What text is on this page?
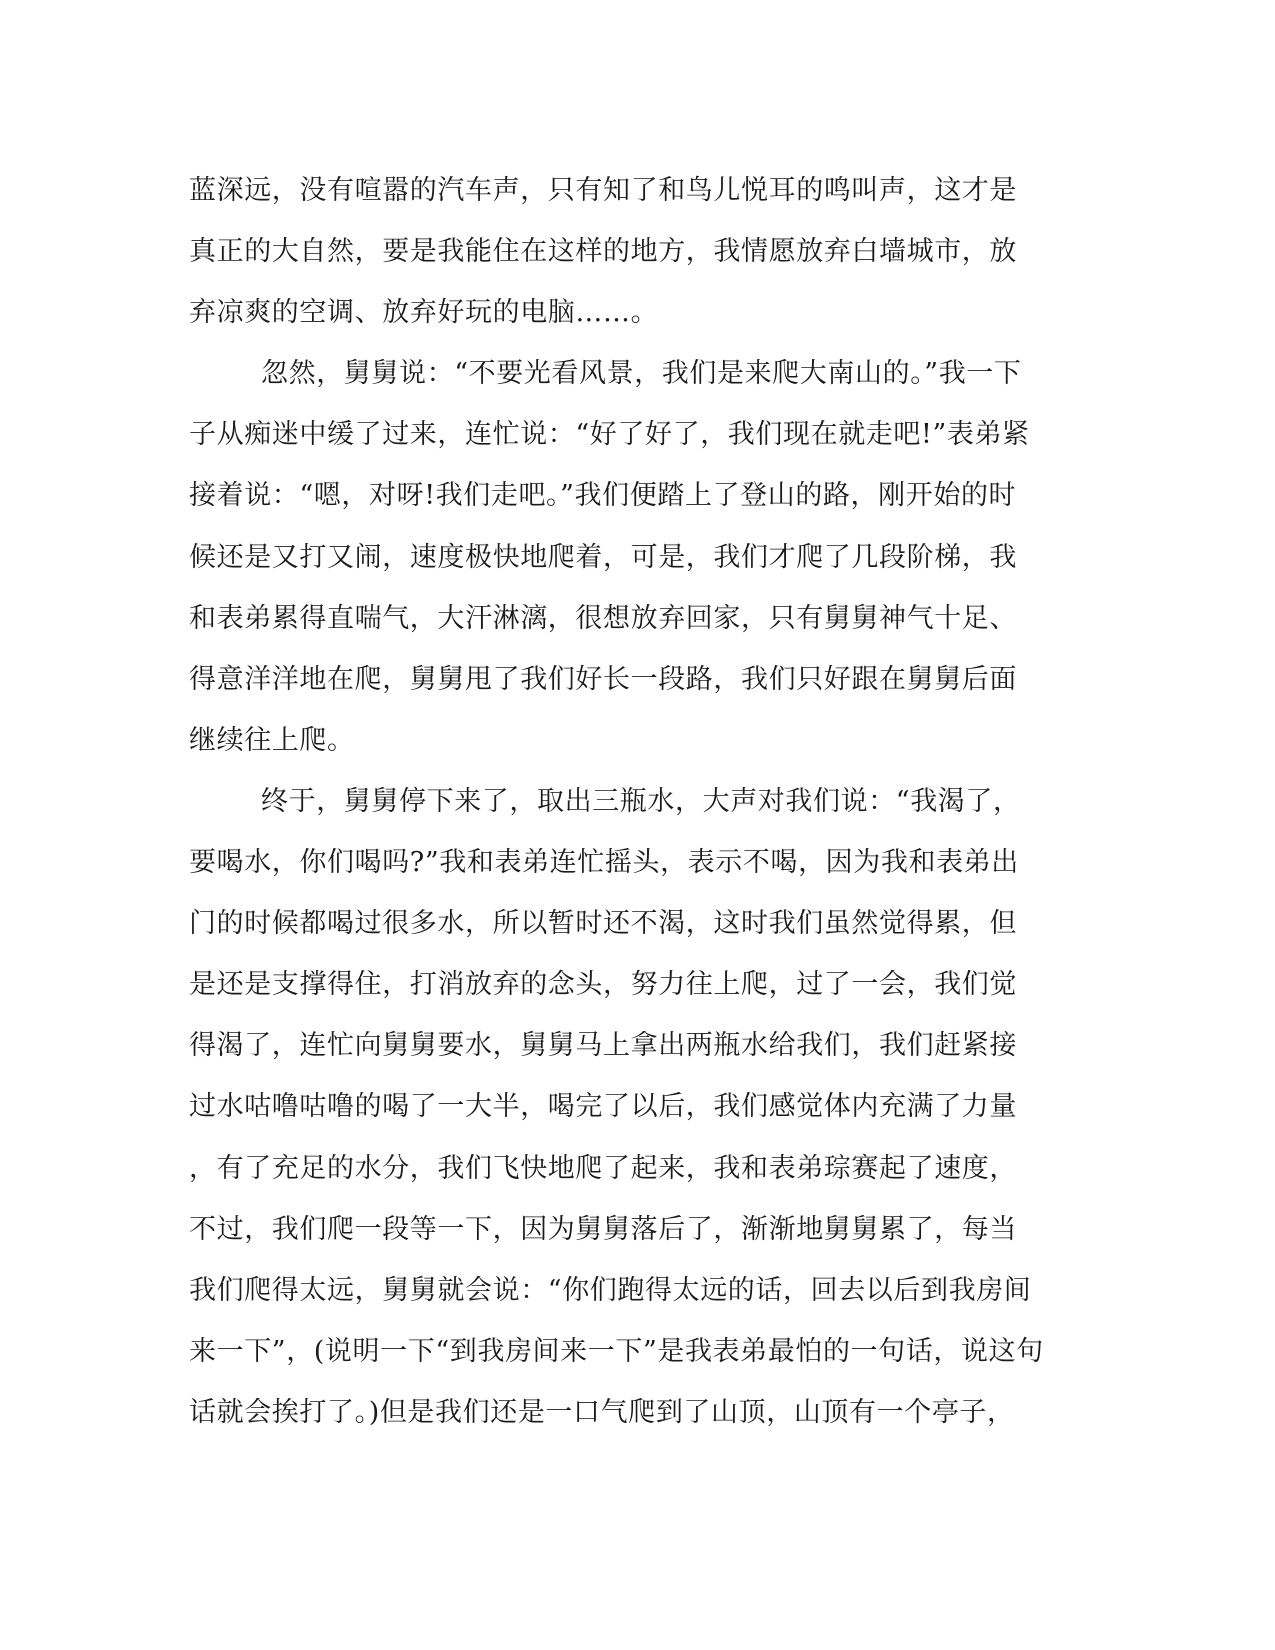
蓝深远，没有喧嚣的汽车声，只有知了和鸟儿悦耳的鸣叫声，这才是
真正的大自然，要是我能住在这样的地方，我情愿放弃白墙城市，放
弃凉爽的空调、放弃好玩的电脑……。
忽然，舅舅说：“不要光看风景，我们是来爬大南山的。”我一下
子从痴迷中缓了过来，连忙说：“好了好了，我们现在就走吧!”表弟紧
接着说：“嗯，对呀!我们走吧。”我们便踏上了登山的路，刚开始的时
候还是又打又闹，速度极快地爬着，可是，我们才爬了几段阶梯，我
和表弟累得直喘气，大汗淋漓，很想放弃回家，只有舅舅神气十足、
得意洋洋地在爬，舅舅甩了我们好长一段路，我们只好跟在舅舅后面
继续往上爬。
终于，舅舅停下来了，取出三瓶水，大声对我们说：“我渴了，
要喝水，你们喝吗?”我和表弟连忙摇头，表示不喝，因为我和表弟出
门的时候都喝过很多水，所以暂时还不渴，这时我们虽然觉得累，但
是还是支撑得住，打消放弃的念头，努力往上爬，过了一会，我们觉
得渴了，连忙向舅舅要水，舅舅马上拿出两瓶水给我们，我们赶紧接
过水咕噜咕噜的喝了一大半，喝完了以后，我们感觉体内充满了力量
，有了充足的水分，我们飞快地爬了起来，我和表弟琮赛起了速度，
不过，我们爬一段等一下，因为舅舅落后了，渐渐地舅舅累了，每当
我们爬得太远，舅舅就会说：“你们跑得太远的话，回去以后到我房间
来一下”，(说明一下“到我房间来一下”是我表弟最怕的一句话，说这句
话就会挨打了。)但是我们还是一口气爬到了山顶，山顶有一个亭子，
